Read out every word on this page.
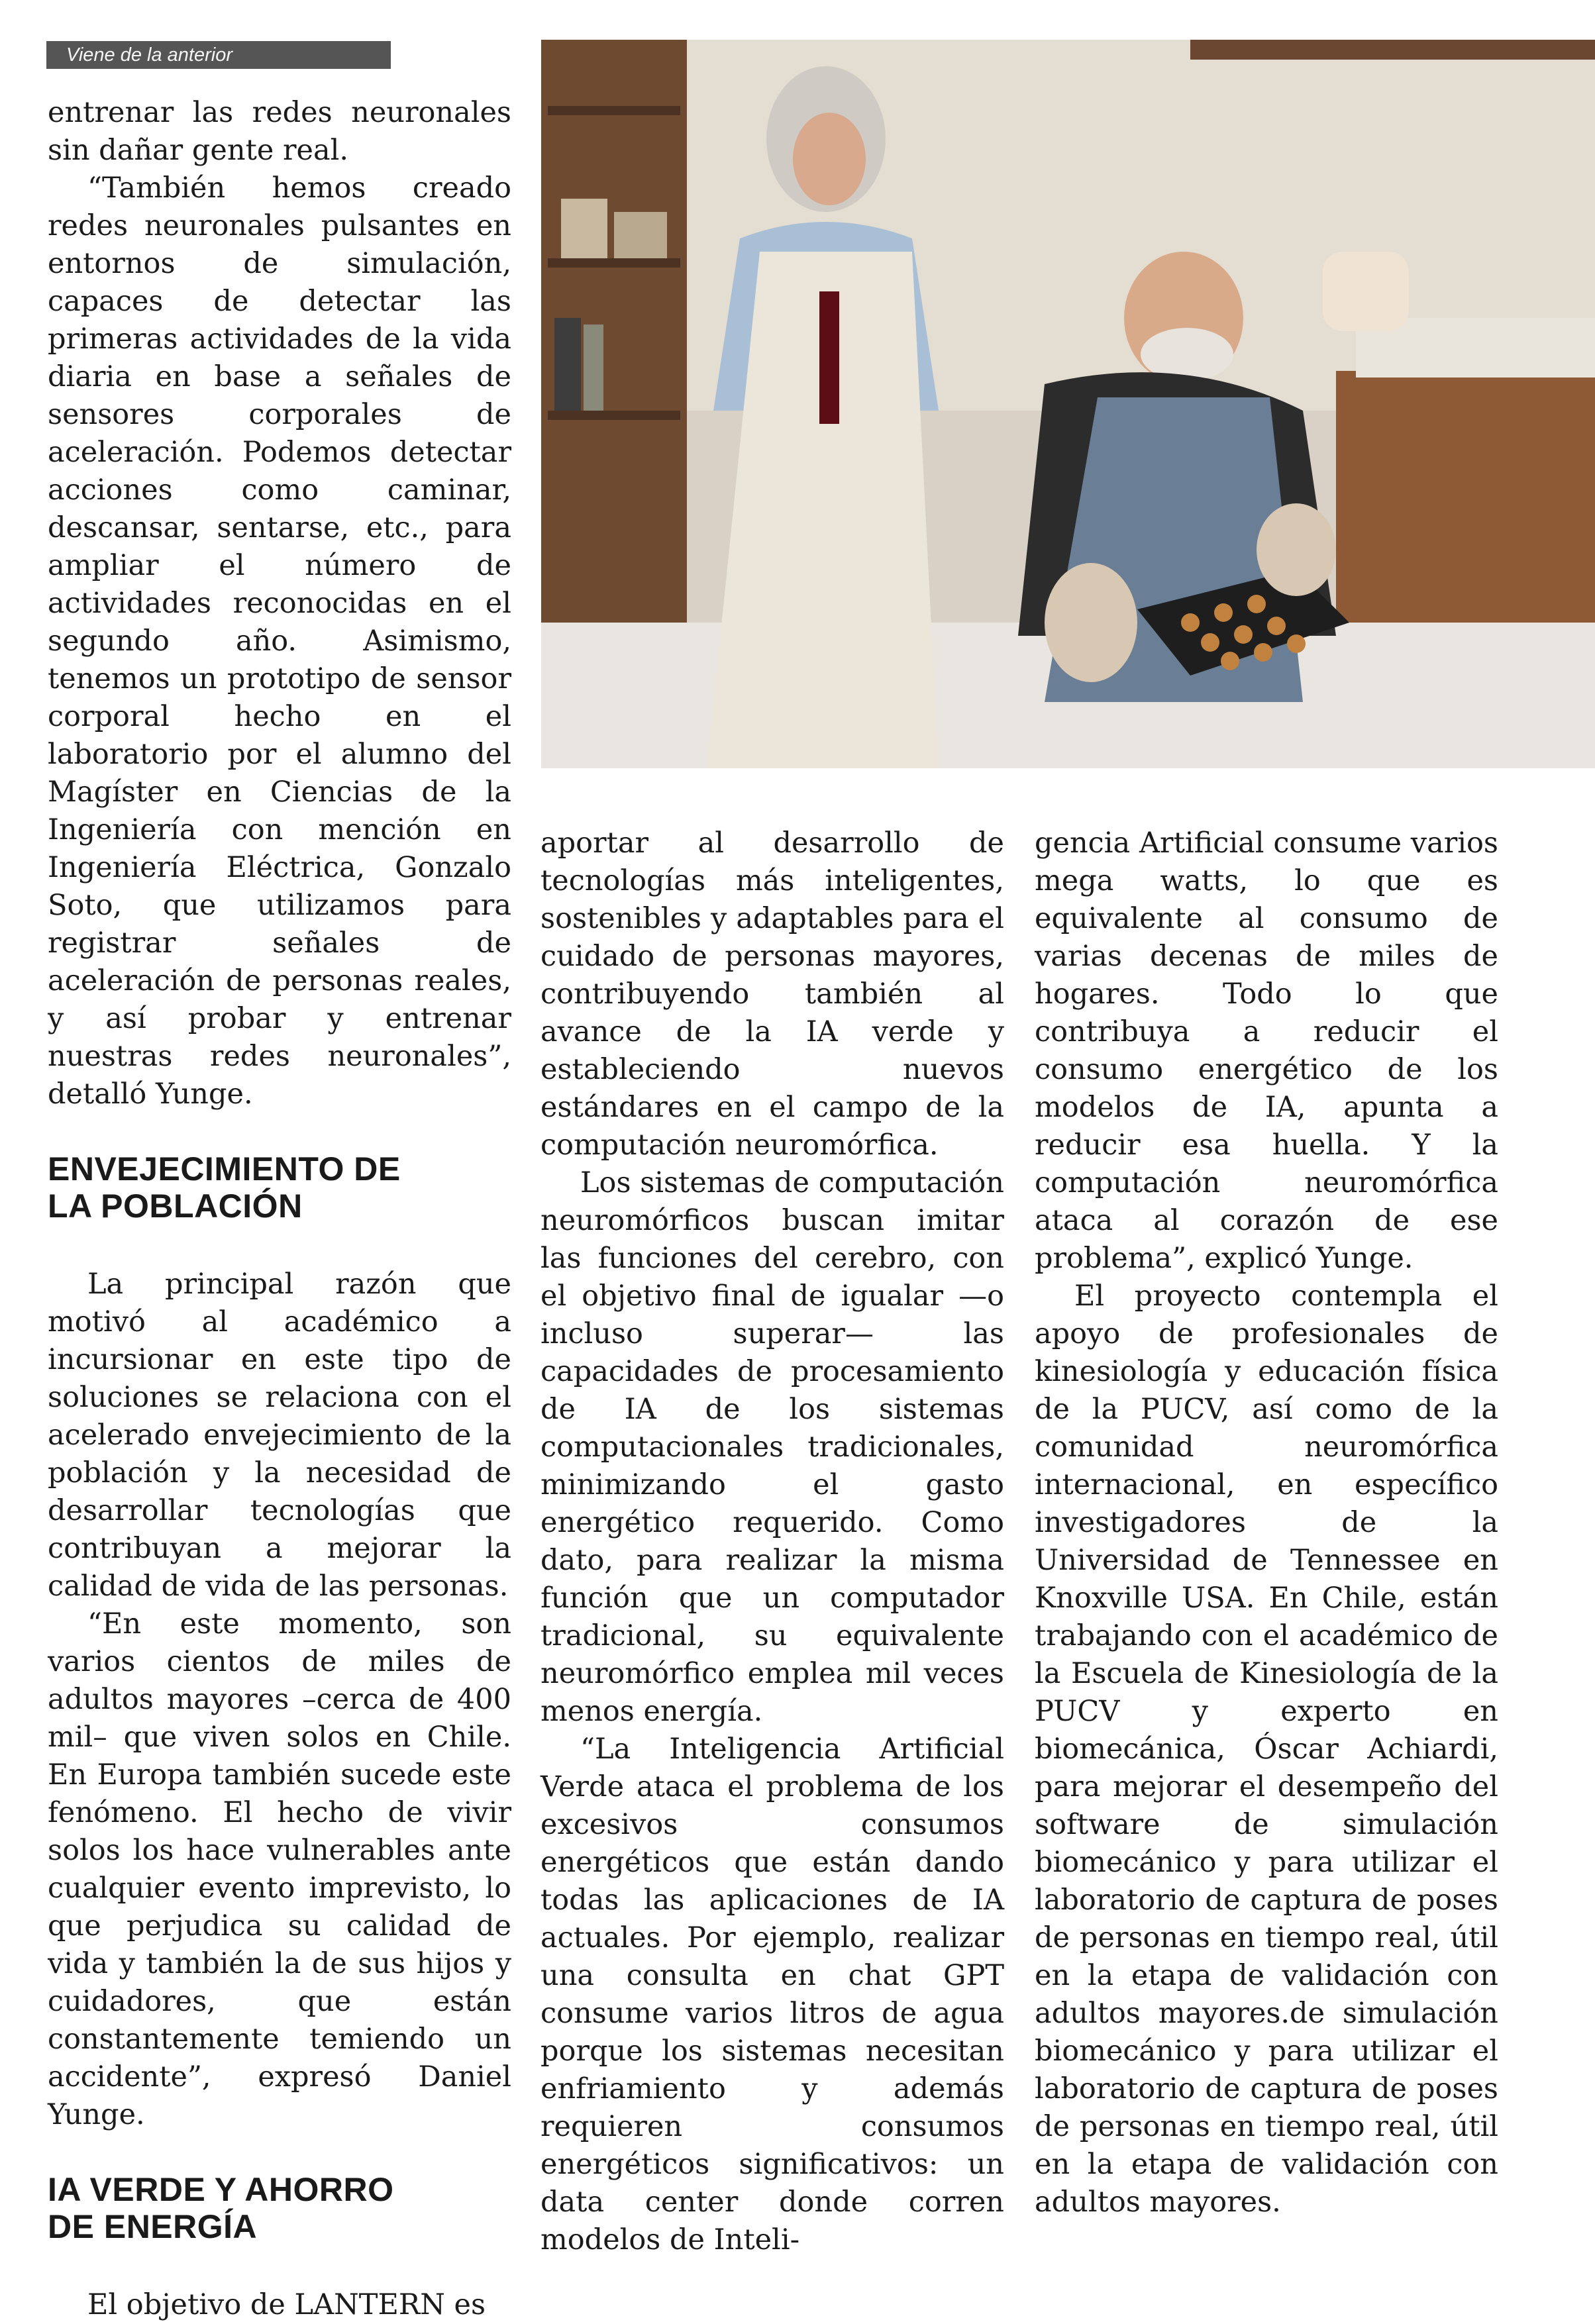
Viene de la anterior

entrenar las redes neuronales sin dañar gente real.

“También hemos creado redes neuronales pulsantes en entornos de simulación, capaces de detectar las primeras actividades de la vida diaria en base a señales de sensores corporales de aceleración. Podemos detectar acciones como caminar, descansar, sentarse, etc., para ampliar el número de actividades reconocidas en el segundo año. Asimismo, tenemos un prototipo de sensor corporal hecho en el laboratorio por el alumno del Magíster en Ciencias de la Ingeniería con mención en Ingeniería Eléctrica, Gonzalo Soto, que utilizamos para registrar señales de aceleración de personas reales, y así probar y entrenar nuestras redes neuronales”, detalló Yunge.

ENVEJECIMIENTO DE
LA POBLACIÓN

La principal razón que motivó al académico a incursionar en este tipo de soluciones se relaciona con el acelerado envejecimiento de la población y la necesidad de desarrollar tecnologías que contribuyan a mejorar la calidad de vida de las personas.

“En este momento, son varios cientos de miles de adultos mayores –cerca de 400 mil– que viven solos en Chile. En Europa también sucede este fenómeno. El hecho de vivir solos los hace vulnerables ante cualquier evento imprevisto, lo que perjudica su calidad de vida y también la de sus hijos y cuidadores, que están constantemente temiendo un accidente”, expresó Daniel Yunge.

IA VERDE Y AHORRO
DE ENERGÍA

El objetivo de LANTERN es

aportar al desarrollo de tecnologías más inteligentes, sostenibles y adaptables para el cuidado de personas mayores, contribuyendo también al avance de la IA verde y estableciendo nuevos estándares en el campo de la computación neuromórfica.

Los sistemas de computación neuromórficos buscan imitar las funciones del cerebro, con el objetivo final de igualar —o incluso superar— las capacidades de procesamiento de IA de los sistemas computacionales tradicionales, minimizando el gasto energético requerido. Como dato, para realizar la misma función que un computador tradicional, su equivalente neuromórfico emplea mil veces menos energía.

“La Inteligencia Artificial Verde ataca el problema de los excesivos consumos energéticos que están dando todas las aplicaciones de IA actuales. Por ejemplo, realizar una consulta en chat GPT consume varios litros de agua porque los sistemas necesitan enfriamiento y además requieren consumos energéticos significativos: un data center donde corren modelos de Inteli-

gencia Artificial consume varios mega watts, lo que es equivalente al consumo de varias decenas de miles de hogares. Todo lo que contribuya a reducir el consumo energético de los modelos de IA, apunta a reducir esa huella. Y la computación neuromórfica ataca al corazón de ese problema”, explicó Yunge.

El proyecto contempla el apoyo de profesionales de kinesiología y educación física de la PUCV, así como de la comunidad neuromórfica internacional, en específico investigadores de la Universidad de Tennessee en Knoxville USA. En Chile, están trabajando con el académico de la Escuela de Kinesiología de la PUCV y experto en biomecánica, Óscar Achiardi, para mejorar el desempeño del software de simulación biomecánico y para utilizar el laboratorio de captura de poses de personas en tiempo real, útil en la etapa de validación con adultos mayores.de simulación biomecánico y para utilizar el laboratorio de captura de poses de personas en tiempo real, útil en la etapa de validación con adultos mayores.
